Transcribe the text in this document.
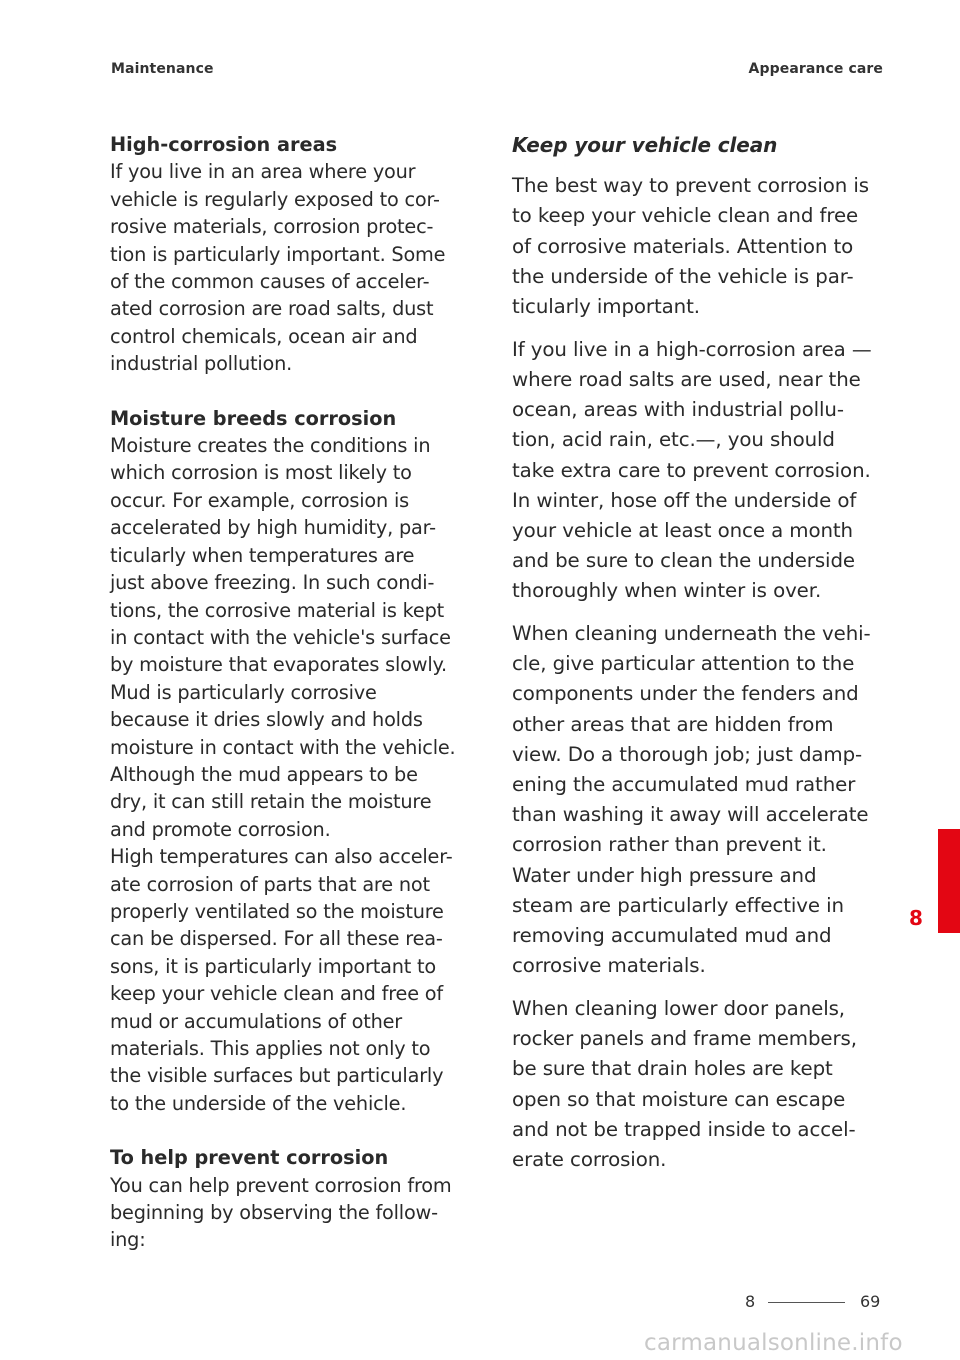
Maintenance	Appearance care

High-corrosion areas

If you live in an area where your

vehicle is regularly exposed to cor-

rosive materials, corrosion protec-

tion is particularly important. Some

of the common causes of acceler-

ated corrosion are road salts, dust

control chemicals, ocean air and

industrial pollution.

Moisture breeds corrosion

Moisture creates the conditions in

which corrosion is most likely to

occur. For example, corrosion is

accelerated by high humidity, par-

ticularly when temperatures are

just above freezing. In such condi-

tions, the corrosive material is kept

in contact with the vehicle's surface

by moisture that evaporates slowly.

Mud is particularly corrosive

because it dries slowly and holds

moisture in contact with the vehicle.

Although the mud appears to be

dry, it can still retain the moisture

and promote corrosion.

High temperatures can also acceler-

ate corrosion of parts that are not

properly ventilated so the moisture

can be dispersed. For all these rea-

sons, it is particularly important to

keep your vehicle clean and free of

mud or accumulations of other

materials. This applies not only to

the visible surfaces but particularly

to the underside of the vehicle.

To help prevent corrosion

You can help prevent corrosion from

beginning by observing the follow-

ing:

Keep your vehicle clean

The best way to prevent corrosion is
to keep your vehicle clean and free
of corrosive materials. Attention to
the underside of the vehicle is par-
ticularly important.

If you live in a high-corrosion area —
where road salts are used, near the
ocean, areas with industrial pollu-
tion, acid rain, etc.—, you should
take extra care to prevent corrosion.
In winter, hose off the underside of
your vehicle at least once a month
and be sure to clean the underside
thoroughly when winter is over.

When cleaning underneath the vehi-
cle, give particular attention to the
components under the fenders and
other areas that are hidden from
view. Do a thorough job; just damp-
ening the accumulated mud rather
than washing it away will accelerate
corrosion rather than prevent it.
Water under high pressure and
steam are particularly effective in
removing accumulated mud and
corrosive materials.

When cleaning lower door panels,
rocker panels and frame members,
be sure that drain holes are kept
open so that moisture can escape
and not be trapped inside to accel-
erate corrosion.

8
8	69
carmanualsonline.info
